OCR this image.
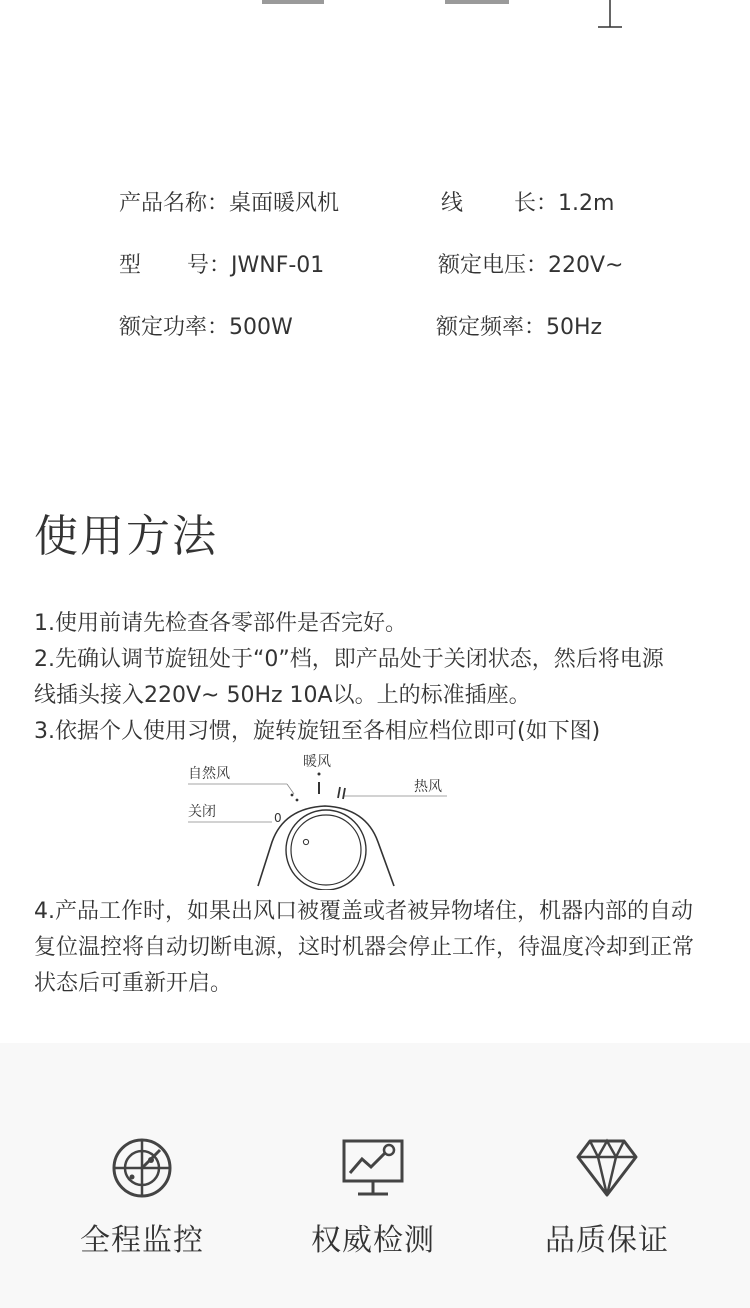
产品名称：桌面暖风机	线 长：1.2m
型 号：JWNF-01	额定电压：220V~
额定功率：500W	额定频率：50Hz
使用方法

1.使用前请先检查各零部件是否完好。

2.先确认调节旋钮处于“0”档，即产品处于关闭状态，然后将电源线插头接入220V~ 50Hz 10A以。上的标准插座。

3.依据个人使用习惯，旋转旋钮至各相应档位即可(如下图)

自然风
暖风
热风
关闭	0

4.产品工作时，如果出风口被覆盖或者被异物堵住，机器内部的自动复位温控将自动切断电源，这时机器会停止工作，待温度冷却到正常状态后可重新开启。

全程监控	权威检测	品质保证
